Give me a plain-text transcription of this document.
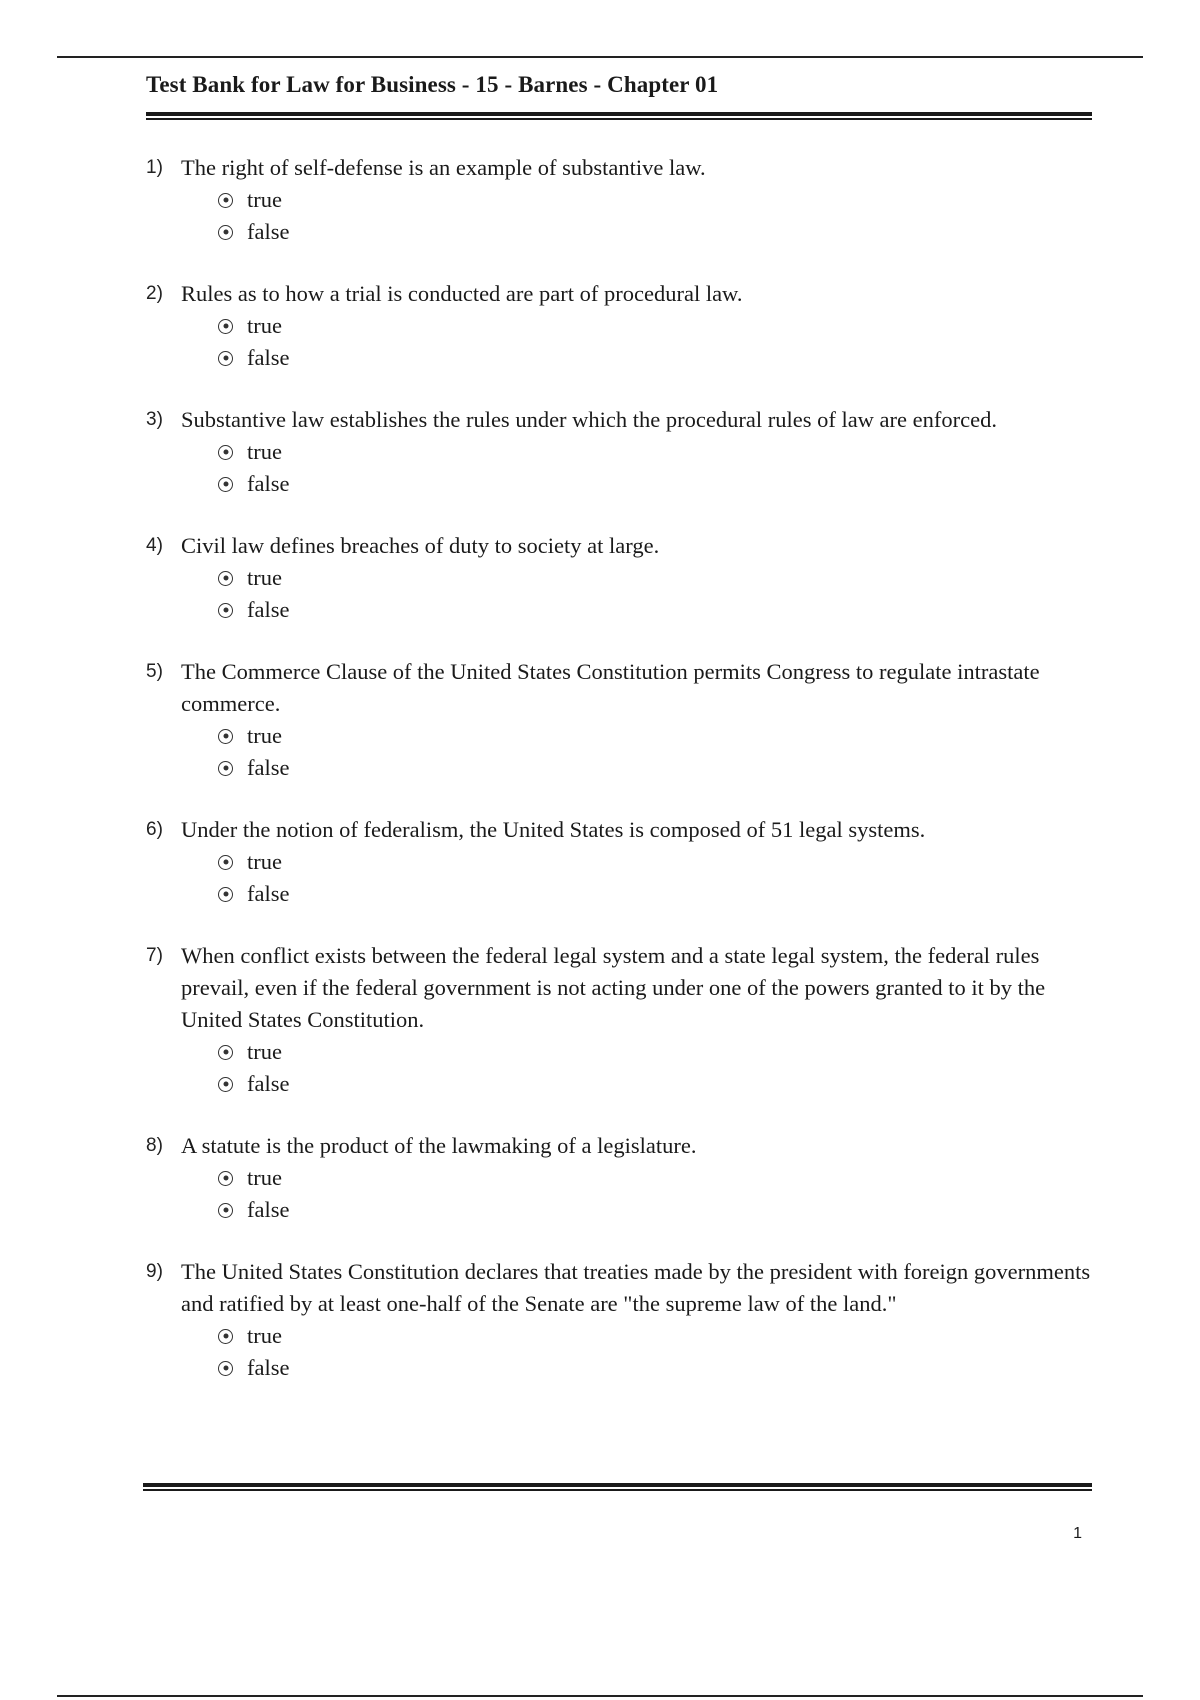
Test Bank for Law for Business - 15 - Barnes - Chapter 01
1) The right of self-defense is an example of substantive law.
true
false
2) Rules as to how a trial is conducted are part of procedural law.
true
false
3) Substantive law establishes the rules under which the procedural rules of law are enforced.
true
false
4) Civil law defines breaches of duty to society at large.
true
false
5) The Commerce Clause of the United States Constitution permits Congress to regulate intrastate commerce.
true
false
6) Under the notion of federalism, the United States is composed of 51 legal systems.
true
false
7) When conflict exists between the federal legal system and a state legal system, the federal rules prevail, even if the federal government is not acting under one of the powers granted to it by the United States Constitution.
true
false
8) A statute is the product of the lawmaking of a legislature.
true
false
9) The United States Constitution declares that treaties made by the president with foreign governments and ratified by at least one-half of the Senate are "the supreme law of the land."
true
false
1
